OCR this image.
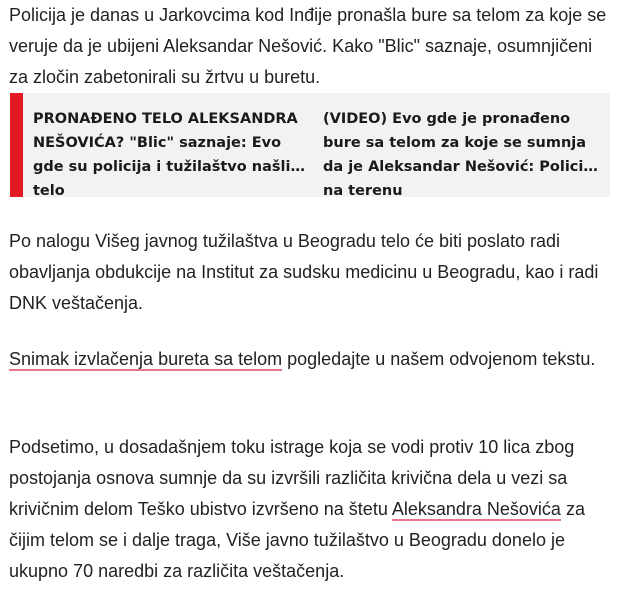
Policija je danas u Jarkovcima kod Inđije pronašla bure sa telom za koje se veruje da je ubijeni Aleksandar Nešović. Kako "Blic" saznaje, osumnjičeni za zločin zabetonirali su žrtvu u buretu.

PRONAĐENO TELO ALEKSANDRA NEŠOVIĆA? "Blic" saznaje: Evo gde su policija i tužilaštvo našli telo
(VIDEO) Evo gde je pronađeno bure sa telom za koje se sumnja da je Aleksandar Nešović: Policija na terenu

Po nalogu Višeg javnog tužilaštva u Beogradu telo će biti poslato radi obavljanja obdukcije na Institut za sudsku medicinu u Beogradu, kao i radi DNK veštačenja.

Snimak izvlačenja bureta sa telom pogledajte u našem odvojenom tekstu.

Podsetimo, u dosadašnjem toku istrage koja se vodi protiv 10 lica zbog postojanja osnova sumnje da su izvršili različita krivična dela u vezi sa krivičnim delom Teško ubistvo izvršeno na štetu Aleksandra Nešovića za čijim telom se i dalje traga, Više javno tužilaštvo u Beogradu donelo je ukupno 70 naredbi za različita veštačenja.
